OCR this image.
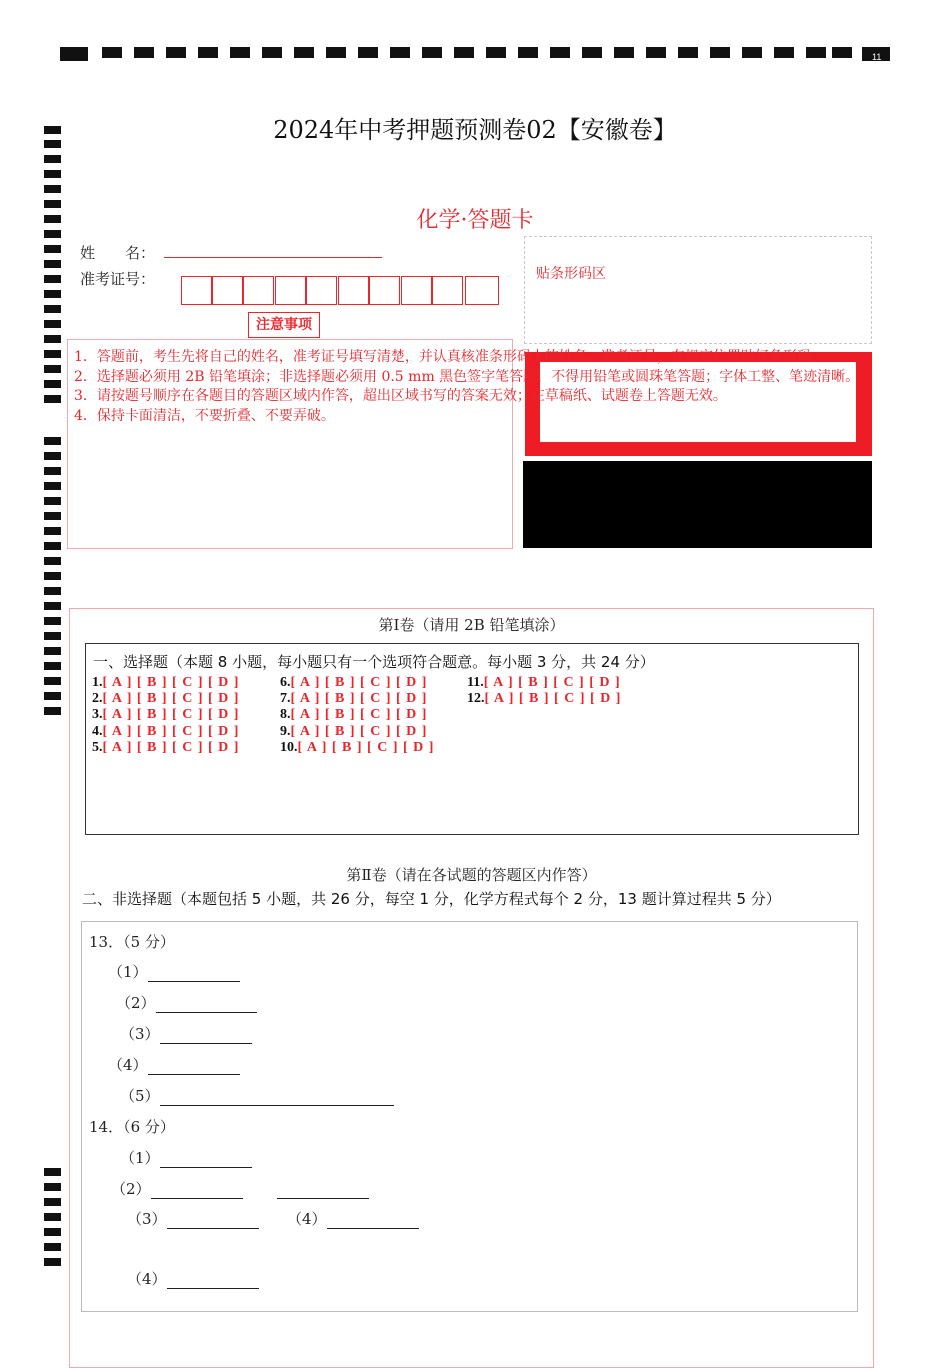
11
2024年中考押题预测卷02【安徽卷】
化学·答题卡
姓　　名：
准考证号：	贴条形码区
注意事项
1．答题前，考生先将自己的姓名，准考证号填写清楚，并认真核准条形码上的姓名、准考证号，在规定位置贴好条形码。
2．选择题必须用 2B 铅笔填涂；非选择题必须用 0.5 mm 黑色签字笔答题，不得用铅笔或圆珠笔答题；字体工整、笔迹清晰。
3．请按题号顺序在各题目的答题区域内作答，超出区域书写的答案无效；在草稿纸、试题卷上答题无效。
4．保持卡面清洁，不要折叠、不要弄破。
第Ⅰ卷（请用 2B 铅笔填涂）
一、选择题（本题 8 小题，每小题只有一个选项符合题意。每小题 3 分，共 24 分）
1.[ A ] [ B ] [ C ] [ D ]
2.[ A ] [ B ] [ C ] [ D ]
3.[ A ] [ B ] [ C ] [ D ]
4.[ A ] [ B ] [ C ] [ D ]
5.[ A ] [ B ] [ C ] [ D ]
6.[ A ] [ B ] [ C ] [ D ]
7.[ A ] [ B ] [ C ] [ D ]
8.[ A ] [ B ] [ C ] [ D ]
9.[ A ] [ B ] [ C ] [ D ]
10.[ A ] [ B ] [ C ] [ D ]
11.[ A ] [ B ] [ C ] [ D ]
12.[ A ] [ B ] [ C ] [ D ]
第Ⅱ卷（请在各试题的答题区内作答）
二、非选择题（本题包括 5 小题，共 26 分，每空 1 分，化学方程式每个 2 分，13 题计算过程共 5 分）
13．（5 分）
（1）
（2）
（3）
（4）
（5）
14．（6 分）
（1）
（2）
（3）	（4）
（4）
